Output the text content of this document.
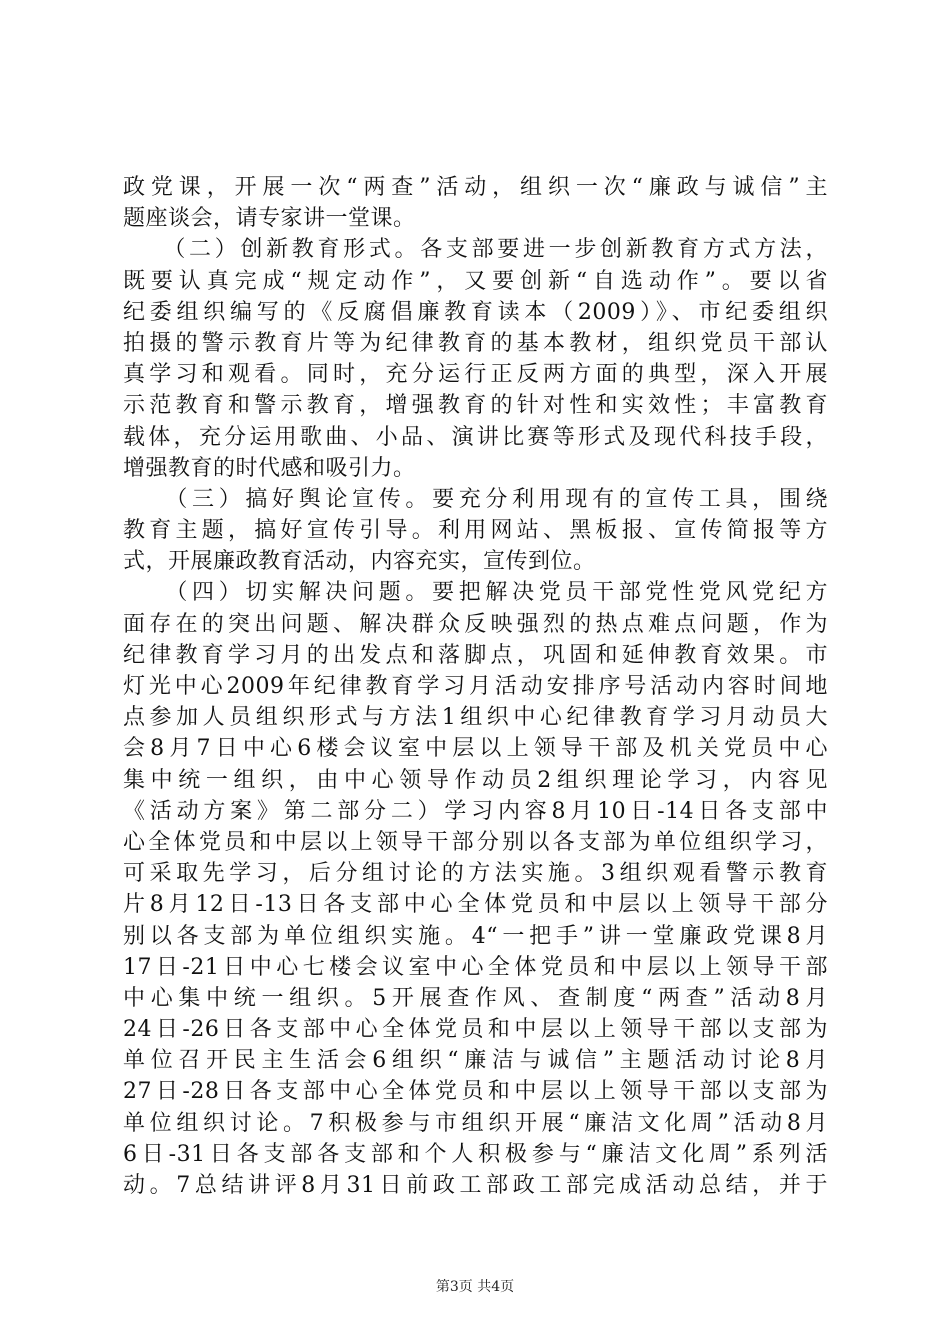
政党课，开展一次“两查”活动，组织一次“廉政与诚信”主
题座谈会，请专家讲一堂课。
　　（二）创新教育形式。各支部要进一步创新教育方式方法，
既要认真完成“规定动作”，又要创新“自选动作”。要以省
纪委组织编写的《反腐倡廉教育读本（2009）》、市纪委组织
拍摄的警示教育片等为纪律教育的基本教材，组织党员干部认
真学习和观看。同时，充分运行正反两方面的典型，深入开展
示范教育和警示教育，增强教育的针对性和实效性；丰富教育
载体，充分运用歌曲、小品、演讲比赛等形式及现代科技手段，
增强教育的时代感和吸引力。
　　（三）搞好舆论宣传。要充分利用现有的宣传工具，围绕
教育主题，搞好宣传引导。利用网站、黑板报、宣传简报等方
式，开展廉政教育活动，内容充实，宣传到位。
　　（四）切实解决问题。要把解决党员干部党性党风党纪方
面存在的突出问题、解决群众反映强烈的热点难点问题，作为
纪律教育学习月的出发点和落脚点，巩固和延伸教育效果。市
灯光中心2009年纪律教育学习月活动安排序号活动内容时间地
点参加人员组织形式与方法1组织中心纪律教育学习月动员大
会8月7日中心6楼会议室中层以上领导干部及机关党员中心
集中统一组织，由中心领导作动员2组织理论学习，内容见
《活动方案》第二部分二）学习内容8月10日-14日各支部中
心全体党员和中层以上领导干部分别以各支部为单位组织学习，
可采取先学习，后分组讨论的方法实施。3组织观看警示教育
片8月12日-13日各支部中心全体党员和中层以上领导干部分
别以各支部为单位组织实施。4“一把手”讲一堂廉政党课8月
17日-21日中心七楼会议室中心全体党员和中层以上领导干部
中心集中统一组织。5开展查作风、查制度“两查”活动8月
24日-26日各支部中心全体党员和中层以上领导干部以支部为
单位召开民主生活会6组织“廉洁与诚信”主题活动讨论8月
27日-28日各支部中心全体党员和中层以上领导干部以支部为
单位组织讨论。7积极参与市组织开展“廉洁文化周”活动8月
6日-31日各支部各支部和个人积极参与“廉洁文化周”系列活
动。7总结讲评8月31日前政工部政工部完成活动总结，并于
第3页 共4页
